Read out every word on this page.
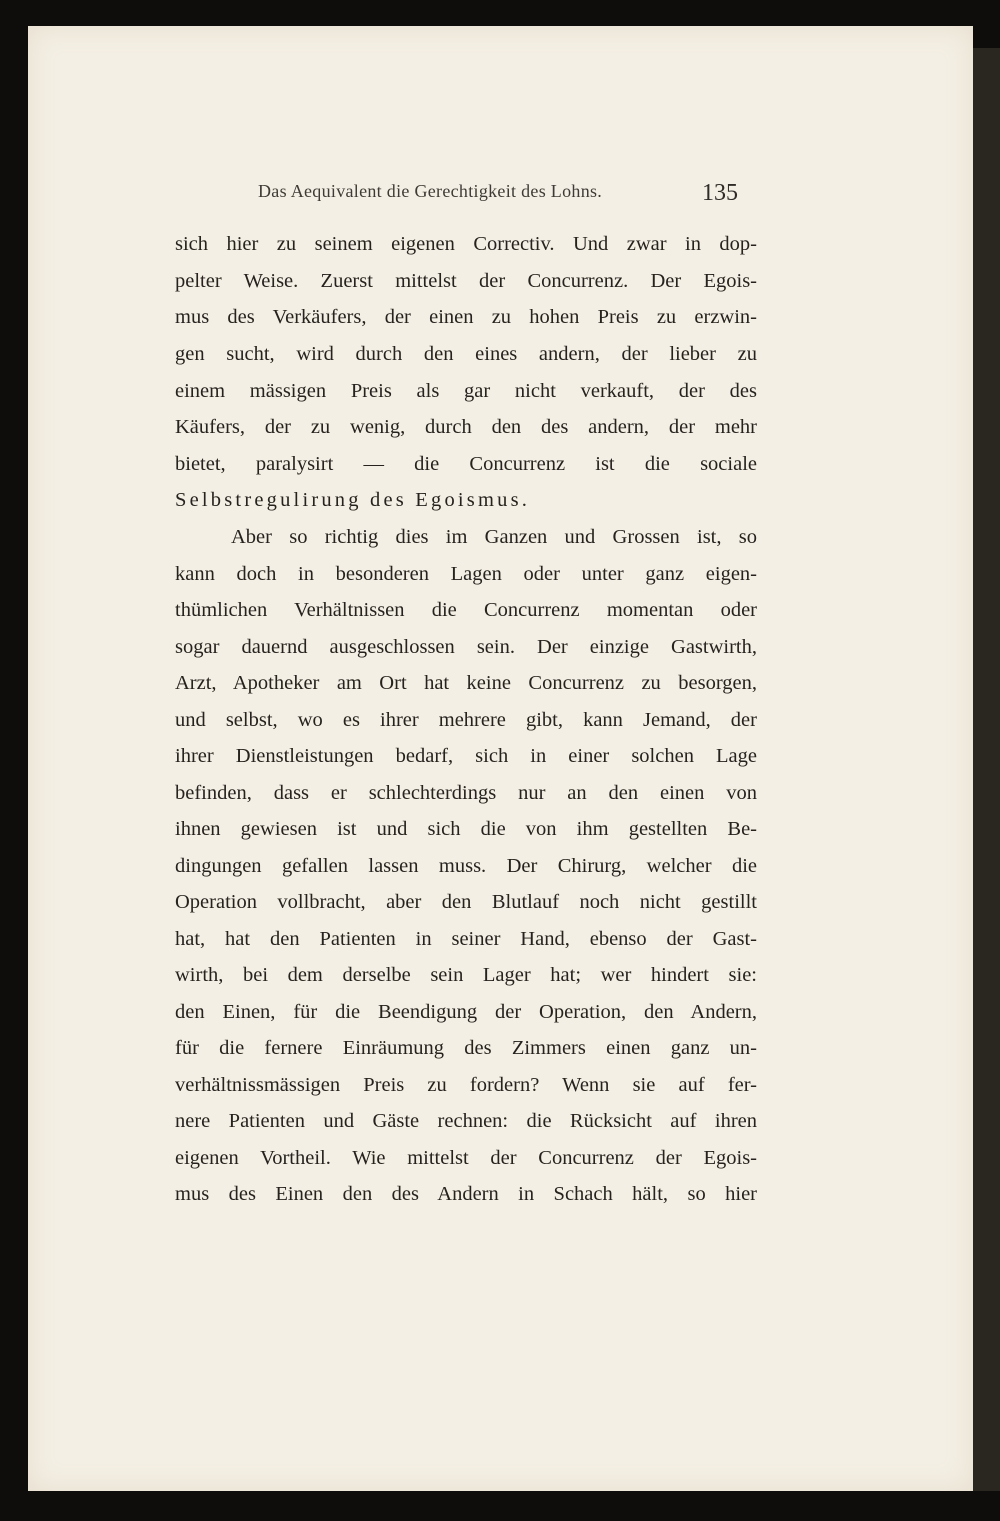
Das Aequivalent die Gerechtigkeit des Lohns.	135
sich hier zu seinem eigenen Correctiv. Und zwar in dop-
pelter Weise. Zuerst mittelst der Concurrenz. Der Egois-
mus des Verkäufers, der einen zu hohen Preis zu erzwin-
gen sucht, wird durch den eines andern, der lieber zu
einem mässigen Preis als gar nicht verkauft, der des
Käufers, der zu wenig, durch den des andern, der mehr
bietet, paralysirt — die Concurrenz ist die sociale
Selbstregulirung des Egoismus.
Aber so richtig dies im Ganzen und Grossen ist, so
kann doch in besonderen Lagen oder unter ganz eigen-
thümlichen Verhältnissen die Concurrenz momentan oder
sogar dauernd ausgeschlossen sein. Der einzige Gastwirth,
Arzt, Apotheker am Ort hat keine Concurrenz zu besorgen,
und selbst, wo es ihrer mehrere gibt, kann Jemand, der
ihrer Dienstleistungen bedarf, sich in einer solchen Lage
befinden, dass er schlechterdings nur an den einen von
ihnen gewiesen ist und sich die von ihm gestellten Be-
dingungen gefallen lassen muss. Der Chirurg, welcher die
Operation vollbracht, aber den Blutlauf noch nicht gestillt
hat, hat den Patienten in seiner Hand, ebenso der Gast-
wirth, bei dem derselbe sein Lager hat; wer hindert sie:
den Einen, für die Beendigung der Operation, den Andern,
für die fernere Einräumung des Zimmers einen ganz un-
verhältnissmässigen Preis zu fordern? Wenn sie auf fer-
nere Patienten und Gäste rechnen: die Rücksicht auf ihren
eigenen Vortheil. Wie mittelst der Concurrenz der Egois-
mus des Einen den des Andern in Schach hält, so hier
